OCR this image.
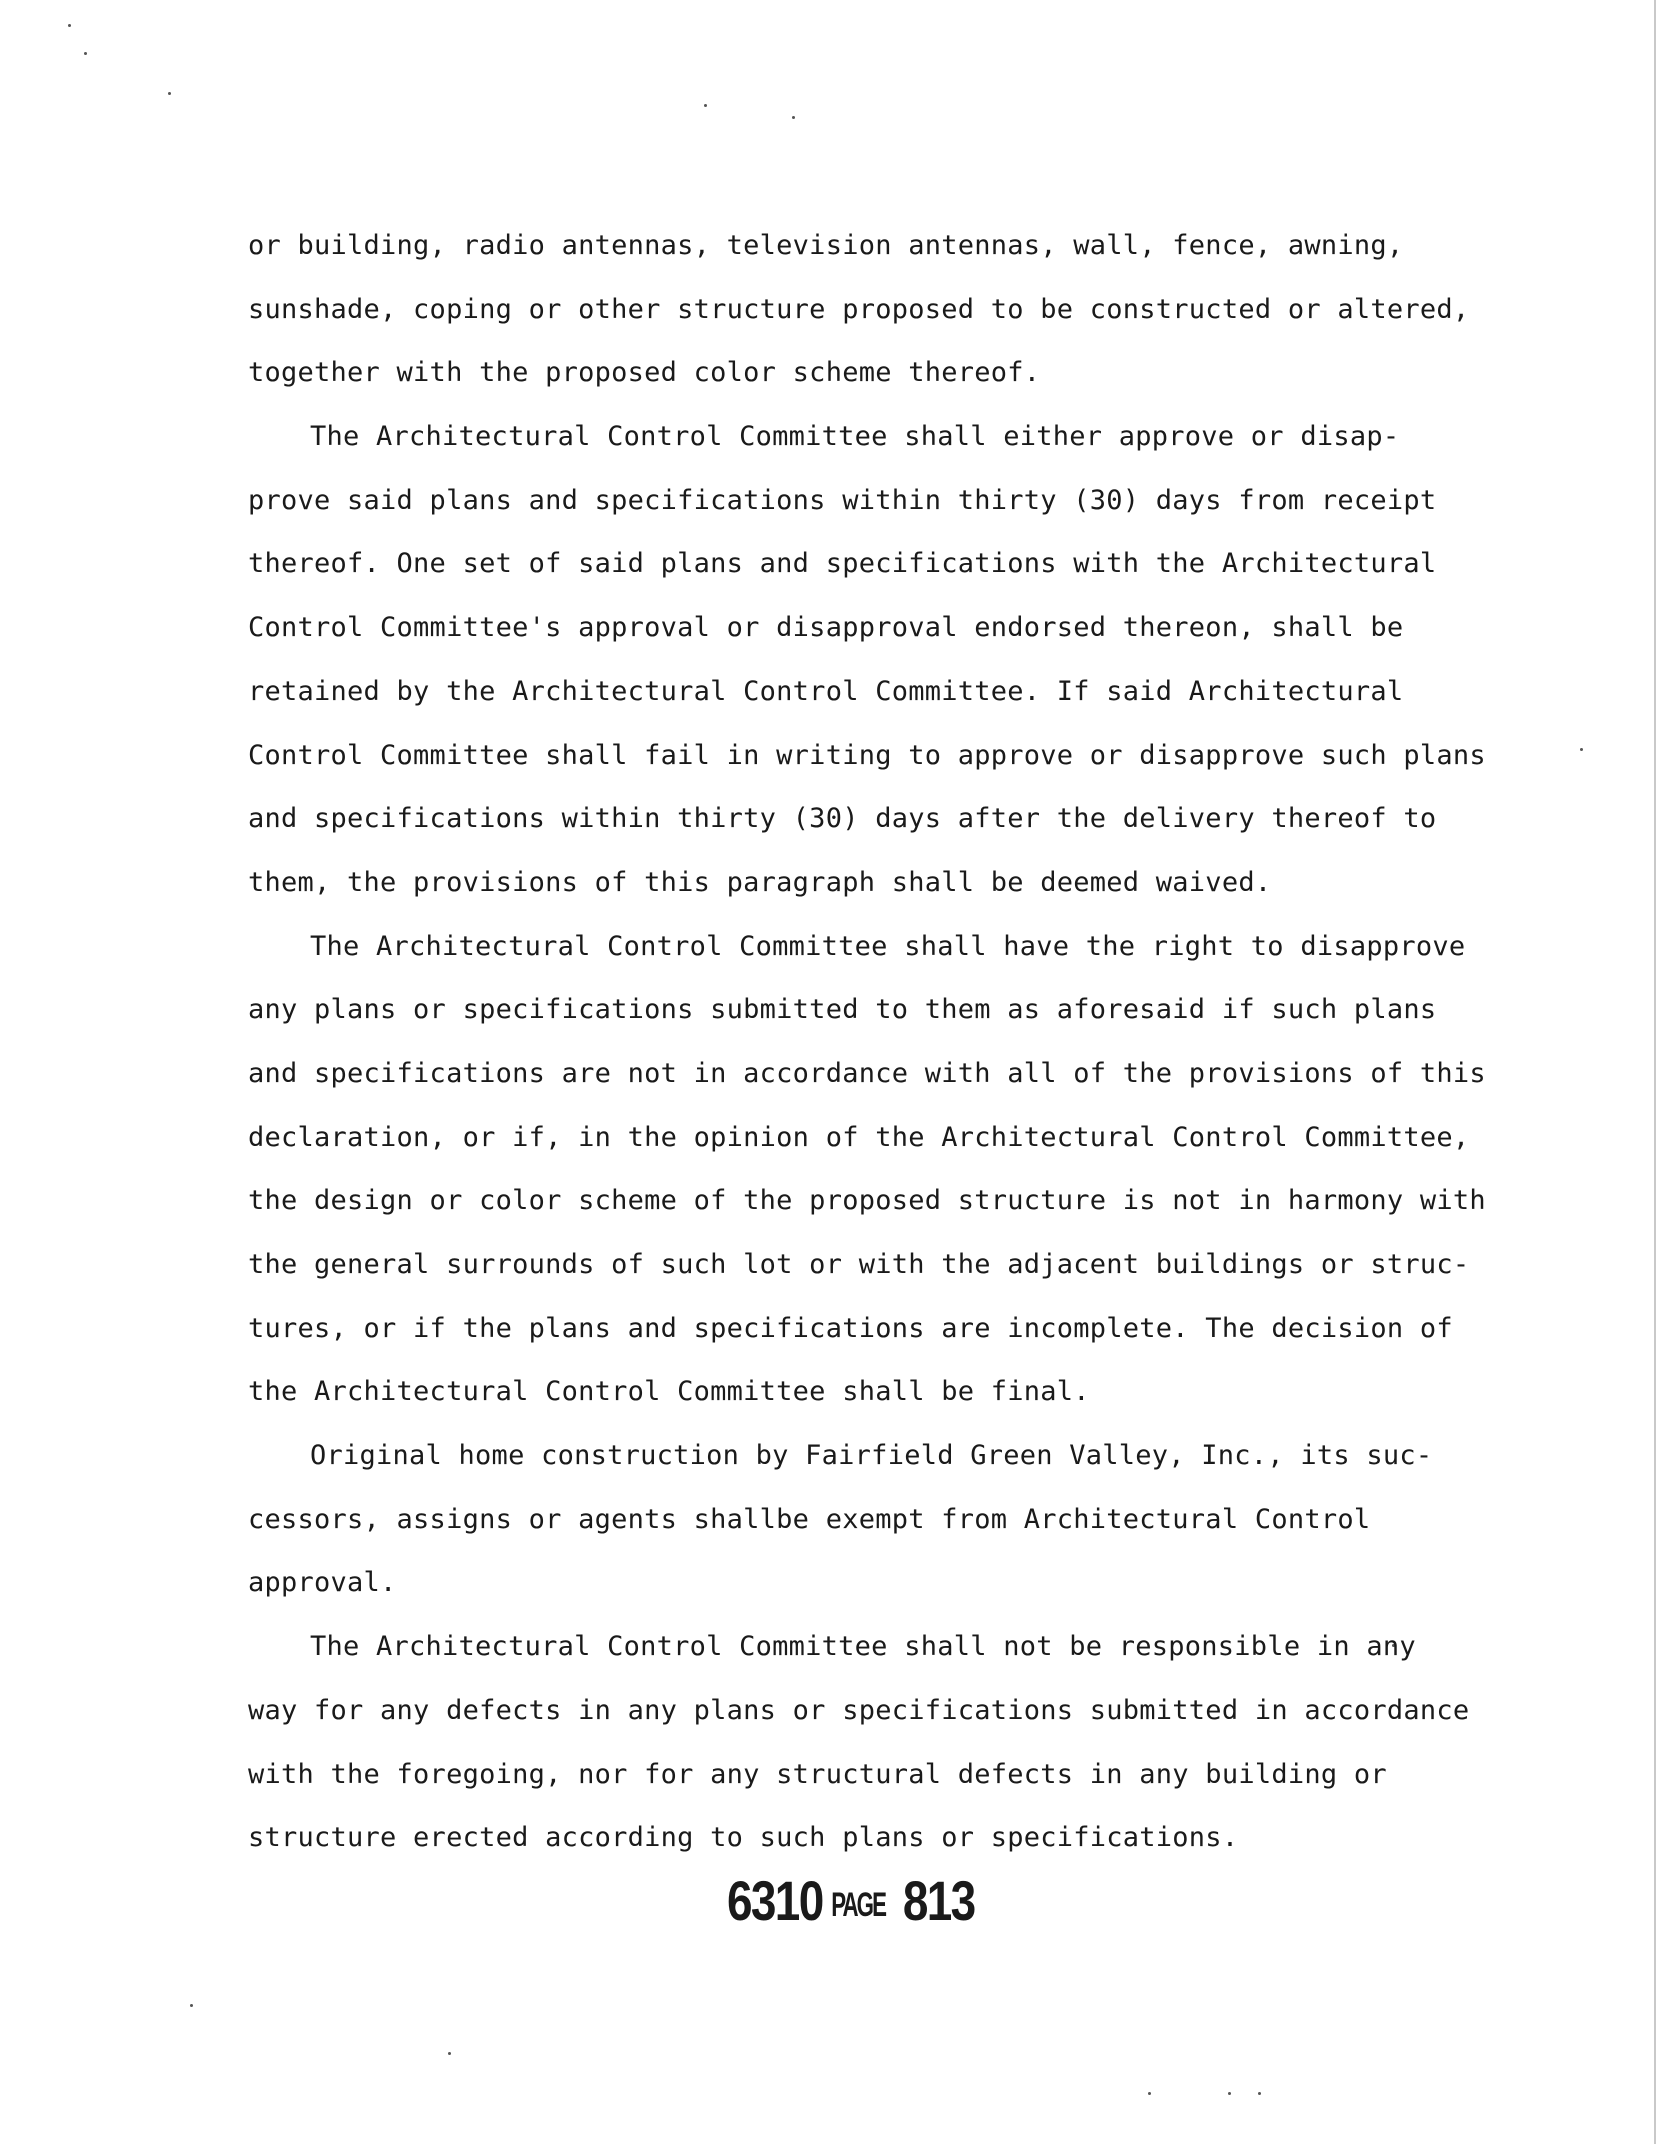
or building, radio antennas, television antennas, wall, fence, awning,
sunshade, coping or other structure proposed to be constructed or altered,
together with the proposed color scheme thereof.
The Architectural Control Committee shall either approve or disap-
prove said plans and specifications within thirty (30) days from receipt
thereof. One set of said plans and specifications with the Architectural
Control Committee's approval or disapproval endorsed thereon, shall be
retained by the Architectural Control Committee. If said Architectural
Control Committee shall fail in writing to approve or disapprove such plans
and specifications within thirty (30) days after the delivery thereof to
them, the provisions of this paragraph shall be deemed waived.
The Architectural Control Committee shall have the right to disapprove
any plans or specifications submitted to them as aforesaid if such plans
and specifications are not in accordance with all of the provisions of this
declaration, or if, in the opinion of the Architectural Control Committee,
the design or color scheme of the proposed structure is not in harmony with
the general surrounds of such lot or with the adjacent buildings or struc-
tures, or if the plans and specifications are incomplete. The decision of
the Architectural Control Committee shall be final.
Original home construction by Fairfield Green Valley, Inc., its suc-
cessors, assigns or agents shallbe exempt from Architectural Control
approval.
The Architectural Control Committee shall not be responsible in any
way for any defects in any plans or specifications submitted in accordance
with the foregoing, nor for any structural defects in any building or
structure erected according to such plans or specifications.
6310 PAGE 813
